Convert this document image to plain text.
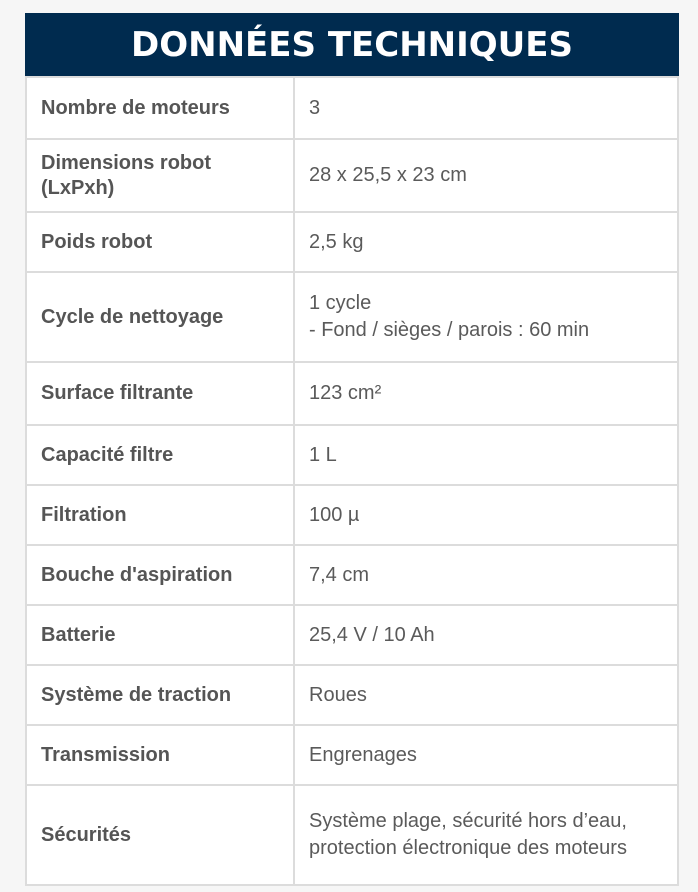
DONNÉES TECHNIQUES
Nombre de moteurs	3

Dimensions robot (LxPxh)	28 x 25,5 x 23 cm

Poids robot	2,5 kg

Cycle de nettoyage	1 cycle
- Fond / sièges / parois : 60 min

Surface filtrante	123 cm²

Capacité filtre	1 L

Filtration	100 µ

Bouche d'aspiration	7,4 cm

Batterie	25,4 V / 10 Ah

Système de traction	Roues

Transmission	Engrenages

Sécurités	Système plage, sécurité hors d’eau, protection électronique des moteurs
